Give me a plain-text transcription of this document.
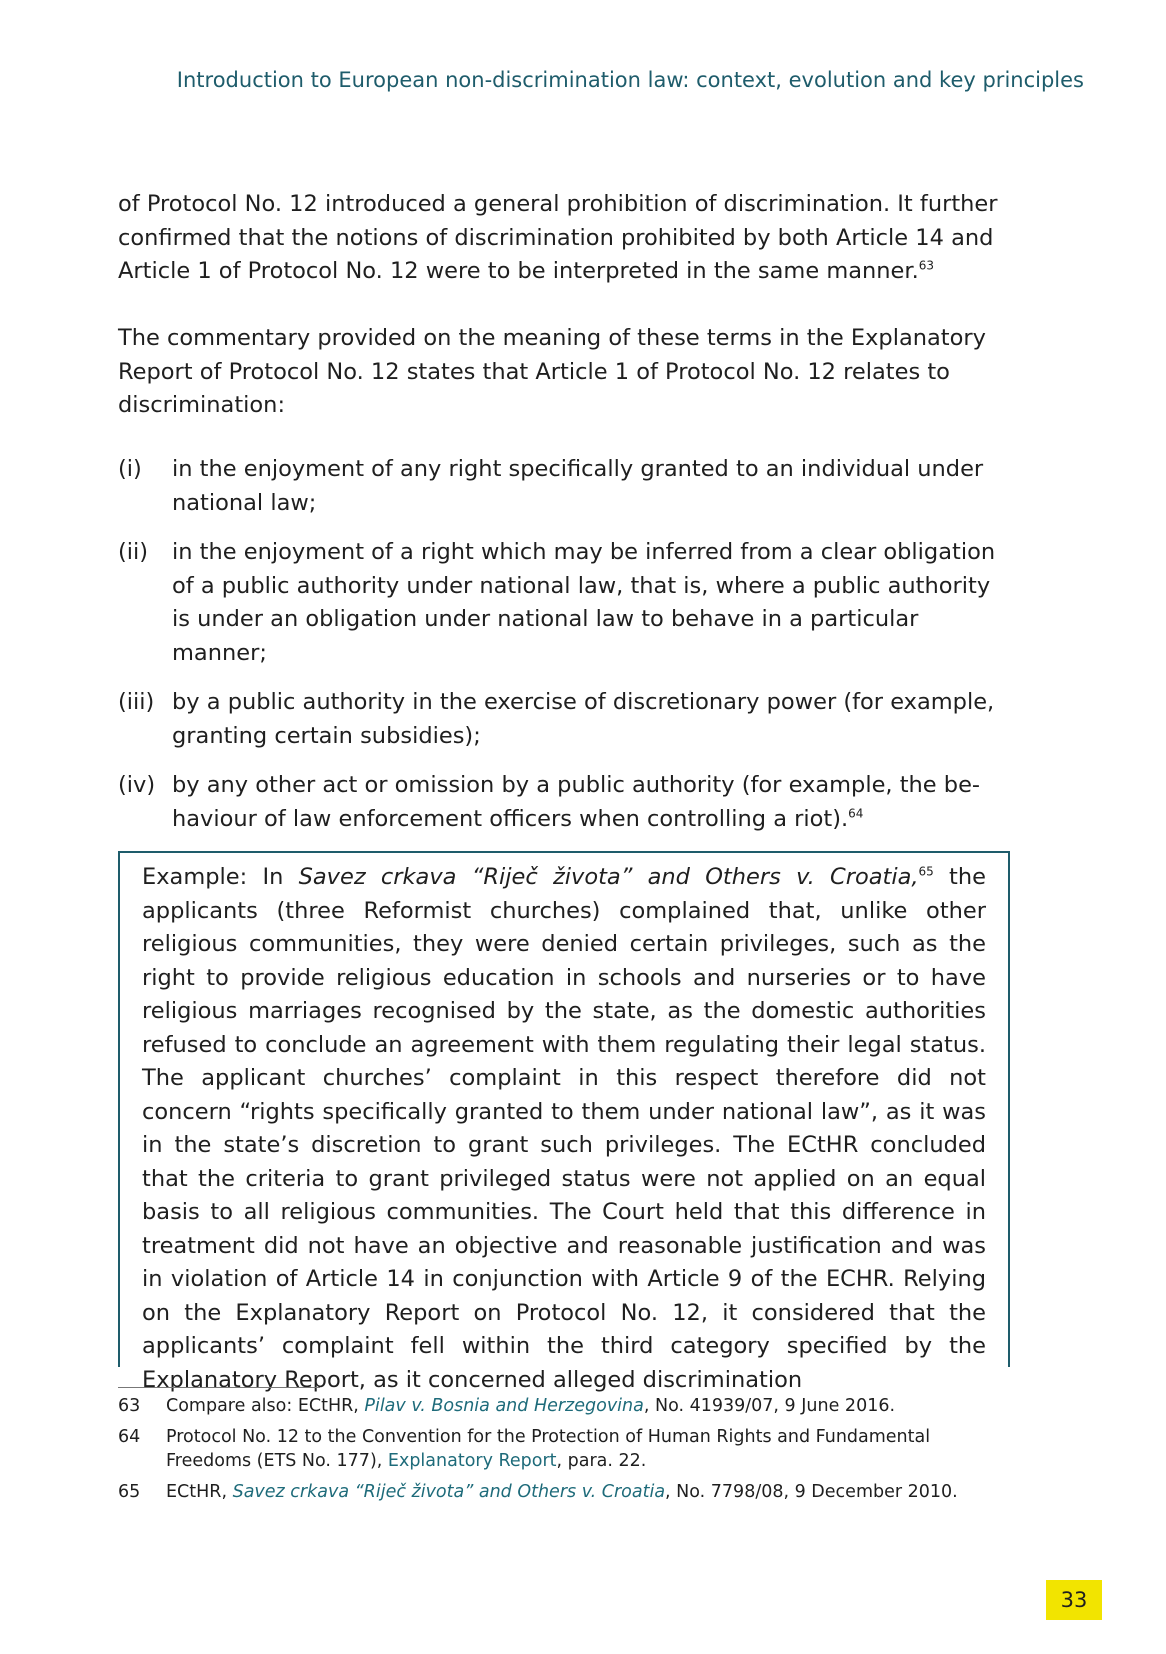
Introduction to European non-discrimination law: context, evolution and key principles

of Protocol No. 12 introduced a general prohibition of discrimination. It further confirmed that the notions of discrimination prohibited by both Article 14 and Article 1 of Protocol No. 12 were to be interpreted in the same manner.$^{63}$

The commentary provided on the meaning of these terms in the Explanatory Report of Protocol No. 12 states that Article 1 of Protocol No. 12 relates to discrimination:

(i) in the enjoyment of any right specifically granted to an individual under national law;
(ii) in the enjoyment of a right which may be inferred from a clear obligation of a public authority under national law, that is, where a public authority is under an obligation under national law to behave in a particular manner;
(iii) by a public authority in the exercise of discretionary power (for example, granting certain subsidies);
(iv) by any other act or omission by a public authority (for example, the behaviour of law enforcement officers when controlling a riot).$^{64}$

Example: In Savez crkava “Riječ života” and Others v. Croatia,$^{65}$ the applicants (three Reformist churches) complained that, unlike other religious communities, they were denied certain privileges, such as the right to provide religious education in schools and nurseries or to have religious marriages recognised by the state, as the domestic authorities refused to conclude an agreement with them regulating their legal status. The applicant churches’ complaint in this respect therefore did not concern “rights specifically granted to them under national law”, as it was in the state’s discretion to grant such privileges. The ECtHR concluded that the criteria to grant privileged status were not applied on an equal basis to all religious communities. The Court held that this difference in treatment did not have an objective and reasonable justification and was in violation of Article 14 in conjunction with Article 9 of the ECHR. Relying on the Explanatory Report on Protocol No. 12, it considered that the applicants’ complaint fell within the third category specified by the Explanatory Report, as it concerned alleged discrimination

63 Compare also: ECtHR, Pilav v. Bosnia and Herzegovina, No. 41939/07, 9 June 2016.
64 Protocol No. 12 to the Convention for the Protection of Human Rights and Fundamental Freedoms (ETS No. 177), Explanatory Report, para. 22.
65 ECtHR, Savez crkava “Riječ života” and Others v. Croatia, No. 7798/08, 9 December 2010.
33
